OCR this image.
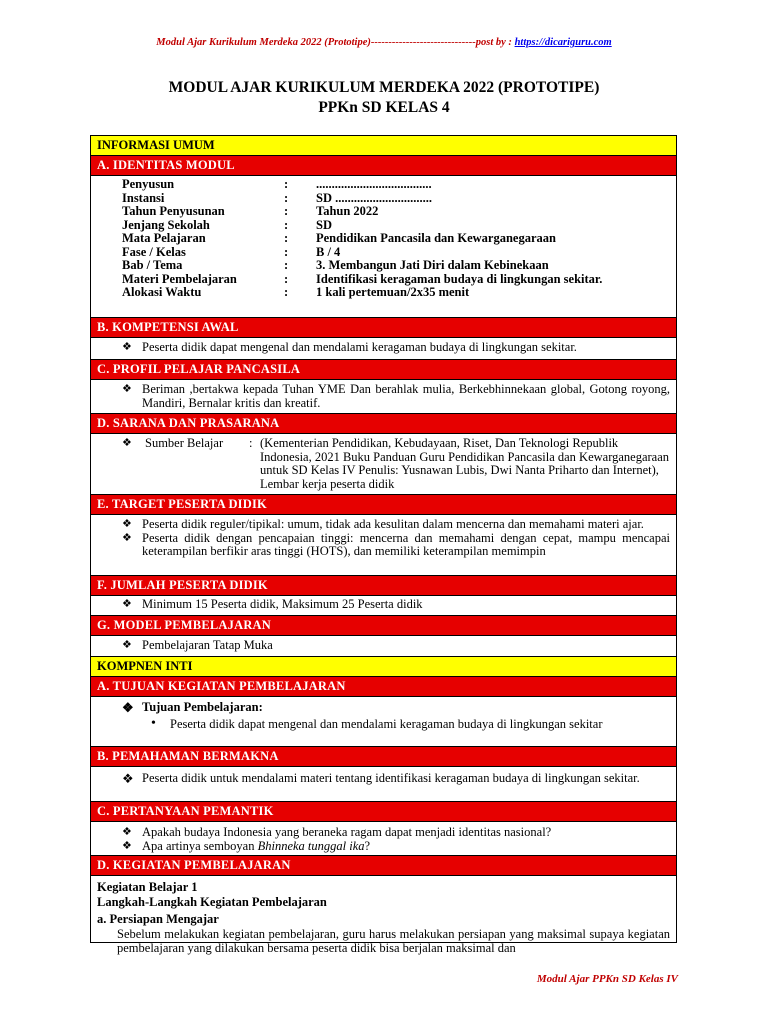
Modul Ajar Kurikulum Merdeka 2022 (Prototipe)------------------------------post by : https://dicariguru.com
MODUL AJAR KURIKULUM MERDEKA 2022 (PROTOTIPE)
PPKn SD KELAS 4
INFORMASI UMUM
A. IDENTITAS MODUL
Penyusun	:	.....................................
Instansi	:	SD ...............................
Tahun Penyusunan	:	Tahun 2022
Jenjang Sekolah	:	SD
Mata Pelajaran	:	Pendidikan Pancasila dan Kewarganegaraan
Fase / Kelas	:	B / 4
Bab / Tema	:	3. Membangun Jati Diri dalam Kebinekaan
Materi Pembelajaran	:	Identifikasi keragaman budaya di lingkungan sekitar.
Alokasi Waktu	:	1 kali pertemuan/2x35 menit
B. KOMPETENSI AWAL
❖ Peserta didik dapat mengenal dan mendalami keragaman budaya di lingkungan sekitar.
C. PROFIL PELAJAR PANCASILA
❖ Beriman ,bertakwa kepada Tuhan YME Dan berahlak mulia, Berkebhinnekaan global, Gotong royong, Mandiri, Bernalar kritis dan kreatif.
D. SARANA DAN PRASARANA
❖ Sumber Belajar : (Kementerian Pendidikan, Kebudayaan, Riset, Dan Teknologi Republik Indonesia, 2021 Buku Panduan Guru Pendidikan Pancasila dan Kewarganegaraan untuk SD Kelas IV Penulis: Yusnawan Lubis, Dwi Nanta Priharto dan Internet), Lembar kerja peserta didik
E. TARGET PESERTA DIDIK
❖ Peserta didik reguler/tipikal: umum, tidak ada kesulitan dalam mencerna dan memahami materi ajar.
❖ Peserta didik dengan pencapaian tinggi: mencerna dan memahami dengan cepat, mampu mencapai keterampilan berfikir aras tinggi (HOTS), dan memiliki keterampilan memimpin
F. JUMLAH PESERTA DIDIK
❖ Minimum 15 Peserta didik, Maksimum 25 Peserta didik
G. MODEL PEMBELAJARAN
❖ Pembelajaran Tatap Muka
KOMPNEN INTI
A. TUJUAN KEGIATAN PEMBELAJARAN
❖ Tujuan Pembelajaran:
• Peserta didik dapat mengenal dan mendalami keragaman budaya di lingkungan sekitar
B. PEMAHAMAN BERMAKNA
❖ Peserta didik untuk mendalami materi tentang identifikasi keragaman budaya di lingkungan sekitar.
C. PERTANYAAN PEMANTIK
❖ Apakah budaya Indonesia yang beraneka ragam dapat menjadi identitas nasional?
❖ Apa artinya semboyan Bhinneka tunggal ika?
D. KEGIATAN PEMBELAJARAN
Kegiatan Belajar 1
Langkah-Langkah Kegiatan Pembelajaran
a. Persiapan Mengajar
Sebelum melakukan kegiatan pembelajaran, guru harus melakukan persiapan yang maksimal supaya kegiatan pembelajaran yang dilakukan bersama peserta didik bisa berjalan maksimal dan
Modul Ajar PPKn SD Kelas IV
